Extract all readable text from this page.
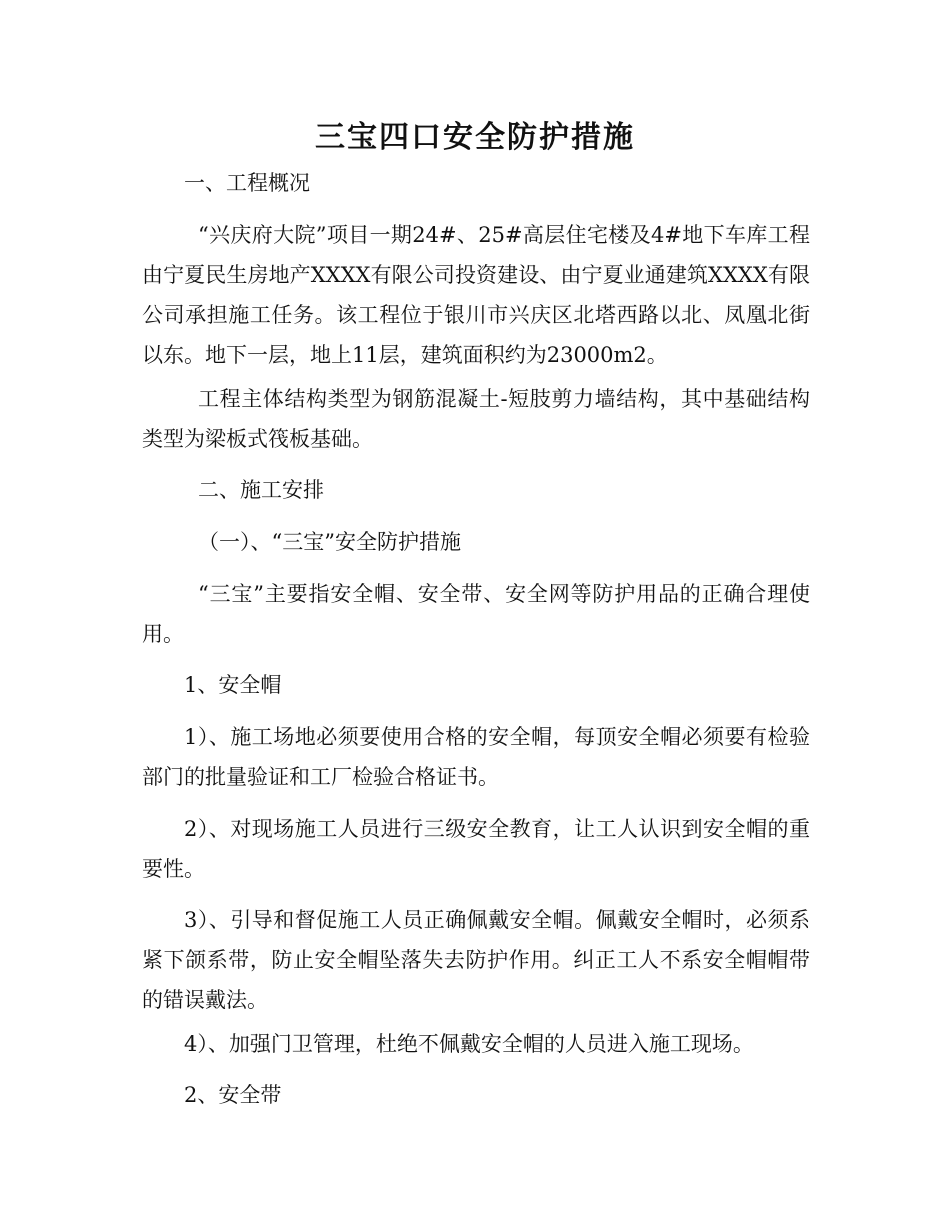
三宝四口安全防护措施

一、工程概况

“兴庆府大院”项目一期24#、25#高层住宅楼及4#地下车库工程由宁夏民生房地产XXXX有限公司投资建设、由宁夏业通建筑XXXX有限公司承担施工任务。该工程位于银川市兴庆区北塔西路以北、凤凰北街以东。地下一层，地上11层，建筑面积约为23000m2。

工程主体结构类型为钢筋混凝土-短肢剪力墙结构，其中基础结构类型为梁板式筏板基础。

二、施工安排

（一）、“三宝”安全防护措施

“三宝”主要指安全帽、安全带、安全网等防护用品的正确合理使用。

1、安全帽

1）、施工场地必须要使用合格的安全帽，每顶安全帽必须要有检验部门的批量验证和工厂检验合格证书。

2）、对现场施工人员进行三级安全教育，让工人认识到安全帽的重要性。

3）、引导和督促施工人员正确佩戴安全帽。佩戴安全帽时，必须系紧下颌系带，防止安全帽坠落失去防护作用。纠正工人不系安全帽帽带的错误戴法。

4）、加强门卫管理，杜绝不佩戴安全帽的人员进入施工现场。

2、安全带
